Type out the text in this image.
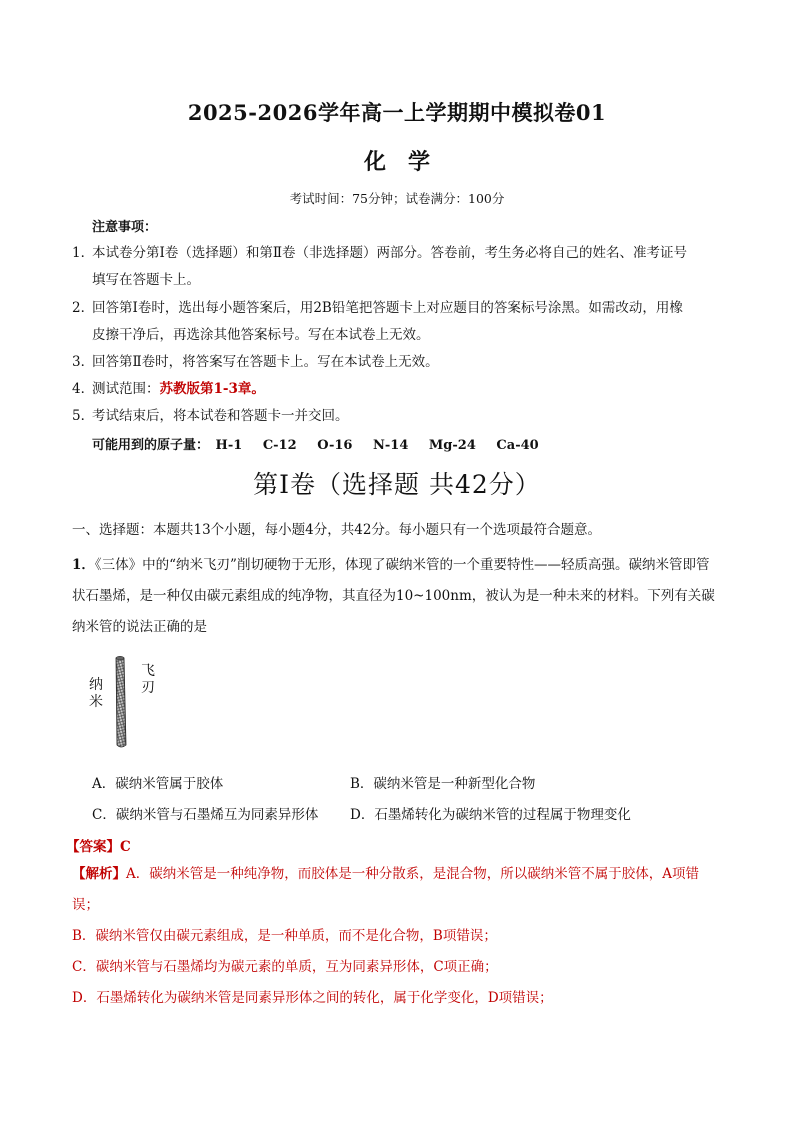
2025-2026学年高一上学期期中模拟卷01
化学
考试时间：75分钟；试卷满分：100分
注意事项：
1．本试卷分第Ⅰ卷（选择题）和第Ⅱ卷（非选择题）两部分。答卷前，考生务必将自己的姓名、准考证号
填写在答题卡上。
2．回答第Ⅰ卷时，选出每小题答案后，用2B铅笔把答题卡上对应题目的答案标号涂黑。如需改动，用橡
皮擦干净后，再选涂其他答案标号。写在本试卷上无效。
3．回答第Ⅱ卷时，将答案写在答题卡上。写在本试卷上无效。
4．测试范围：苏教版第1-3章。
5．考试结束后，将本试卷和答题卡一并交回。
可能用到的原子量： H-1 C-12 O-16 N-14 Mg-24 Ca-40
第Ⅰ卷（选择题 共42分）
一、选择题：本题共13个小题，每小题4分，共42分。每小题只有一个选项最符合题意。
1．《三体》中的“纳米飞刃”削切硬物于无形，体现了碳纳米管的一个重要特性——轻质高强。碳纳米管即管
状石墨烯，是一种仅由碳元素组成的纯净物，其直径为10~100nm，被认为是一种未来的材料。下列有关碳
纳米管的说法正确的是
纳米
飞刃
A．碳纳米管属于胶体	B．碳纳米管是一种新型化合物
C．碳纳米管与石墨烯互为同素异形体 D．石墨烯转化为碳纳米管的过程属于物理变化
【答案】C
【解析】A．碳纳米管是一种纯净物，而胶体是一种分散系，是混合物，所以碳纳米管不属于胶体，A项错
误；
B．碳纳米管仅由碳元素组成，是一种单质，而不是化合物，B项错误；
C．碳纳米管与石墨烯均为碳元素的单质，互为同素异形体，C项正确；
D．石墨烯转化为碳纳米管是同素异形体之间的转化，属于化学变化，D项错误；
